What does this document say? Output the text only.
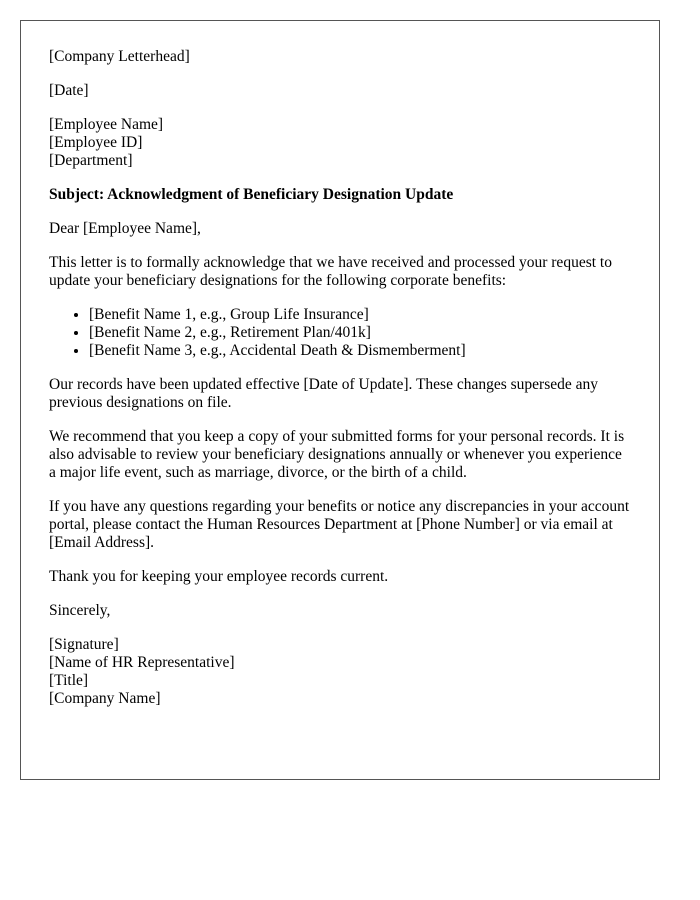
[Company Letterhead]

[Date]

[Employee Name]
[Employee ID]
[Department]

Subject: Acknowledgment of Beneficiary Designation Update

Dear [Employee Name],

This letter is to formally acknowledge that we have received and processed your request to update your beneficiary designations for the following corporate benefits:

• [Benefit Name 1, e.g., Group Life Insurance]
• [Benefit Name 2, e.g., Retirement Plan/401k]
• [Benefit Name 3, e.g., Accidental Death & Dismemberment]

Our records have been updated effective [Date of Update]. These changes supersede any previous designations on file.

We recommend that you keep a copy of your submitted forms for your personal records. It is also advisable to review your beneficiary designations annually or whenever you experience a major life event, such as marriage, divorce, or the birth of a child.

If you have any questions regarding your benefits or notice any discrepancies in your account portal, please contact the Human Resources Department at [Phone Number] or via email at [Email Address].

Thank you for keeping your employee records current.

Sincerely,

[Signature]
[Name of HR Representative]
[Title]
[Company Name]
